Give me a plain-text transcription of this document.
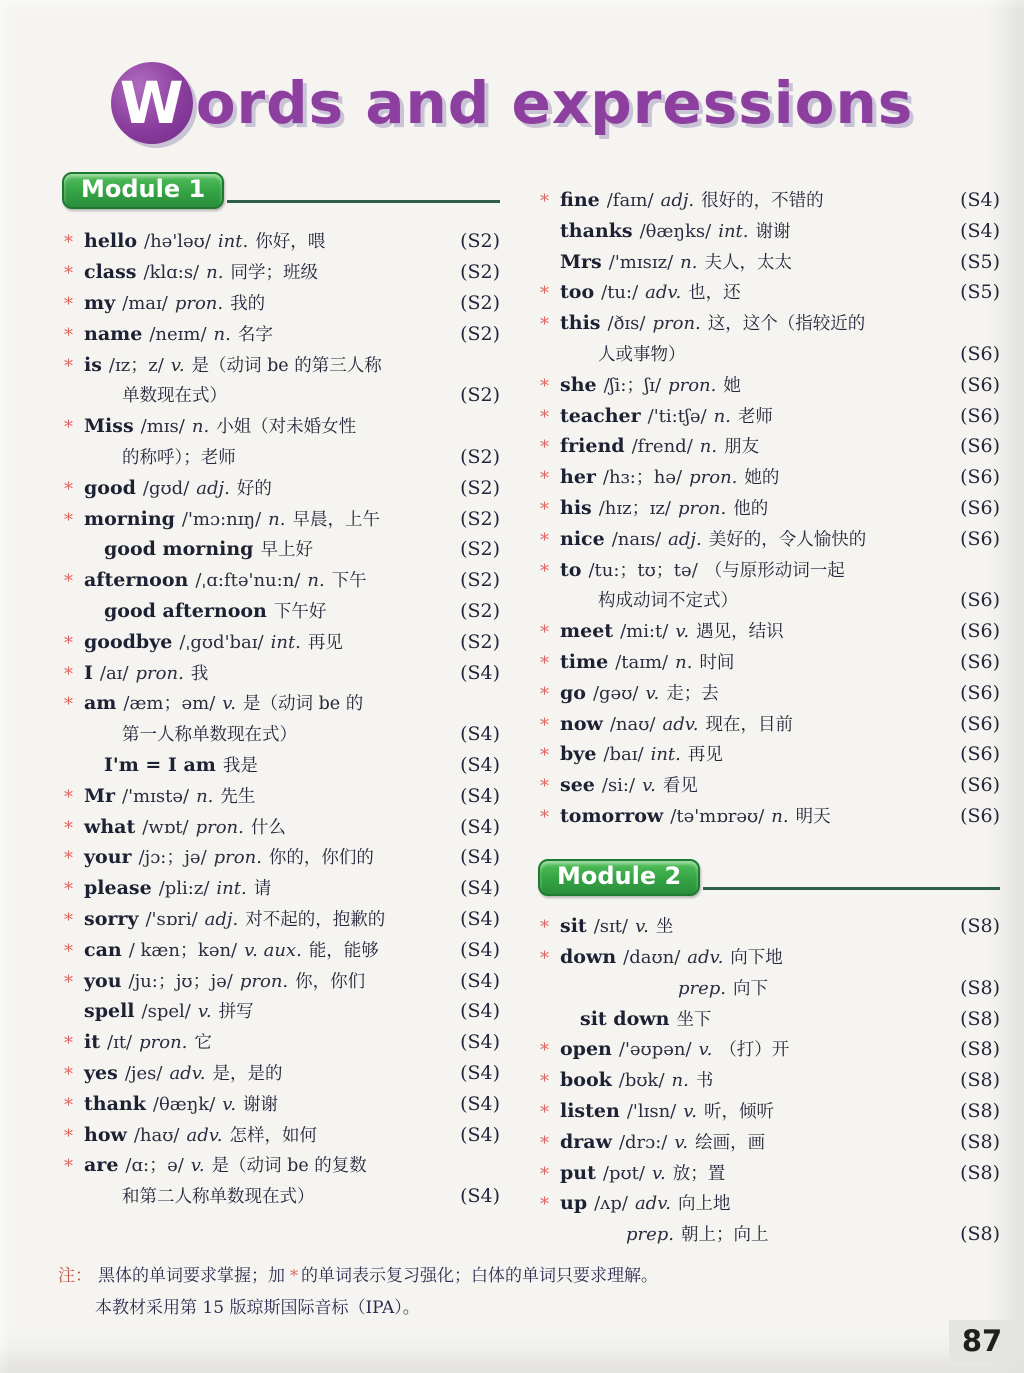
W ords and expressions
Module 1
* hello /hə'ləʊ/ int. 你好，喂	(S2)
* class /klɑ:s/ n. 同学；班级	(S2)
* my /maɪ/ pron. 我的	(S2)
* name /neɪm/ n. 名字	(S2)
* is /ɪz；z/ v. 是（动词 be 的第三人称
单数现在式）	(S2)
* Miss /mɪs/ n. 小姐（对未婚女性
的称呼）；老师	(S2)
* good /gʊd/ adj. 好的	(S2)
* morning /'mɔ:nɪŋ/ n. 早晨，上午	(S2)
good morning 早上好	(S2)
* afternoon /ˌɑ:ftə'nu:n/ n. 下午	(S2)
good afternoon 下午好	(S2)
* goodbye /ˌgʊd'baɪ/ int. 再见	(S2)
* I /aɪ/ pron. 我	(S4)
* am /æm；əm/ v. 是（动词 be 的
第一人称单数现在式）	(S4)
I'm = I am 我是	(S4)
* Mr /'mɪstə/ n. 先生	(S4)
* what /wɒt/ pron. 什么	(S4)
* your /jɔ:；jə/ pron. 你的，你们的	(S4)
* please /pli:z/ int. 请	(S4)
* sorry /'sɒri/ adj. 对不起的，抱歉的	(S4)
* can / kæn；kən/ v. aux. 能，能够	(S4)
* you /ju:；jʊ；jə/ pron. 你，你们	(S4)
spell /spel/ v. 拼写	(S4)
* it /ɪt/ pron. 它	(S4)
* yes /jes/ adv. 是，是的	(S4)
* thank /θæŋk/ v. 谢谢	(S4)
* how /haʊ/ adv. 怎样，如何	(S4)
* are /ɑ:；ə/ v. 是（动词 be 的复数
和第二人称单数现在式）	(S4)
* fine /faɪn/ adj. 很好的，不错的	(S4)
thanks /θæŋks/ int. 谢谢	(S4)
Mrs /'mɪsɪz/ n. 夫人，太太	(S5)
* too /tu:/ adv. 也，还	(S5)
* this /ðɪs/ pron. 这，这个（指较近的
人或事物）	(S6)
* she /ʃi:；ʃɪ/ pron. 她	(S6)
* teacher /'ti:tʃə/ n. 老师	(S6)
* friend /frend/ n. 朋友	(S6)
* her /hɜ:；hə/ pron. 她的	(S6)
* his /hɪz；ɪz/ pron. 他的	(S6)
* nice /naɪs/ adj. 美好的，令人愉快的	(S6)
* to /tu:；tʊ；tə/ （与原形动词一起
构成动词不定式）	(S6)
* meet /mi:t/ v. 遇见，结识	(S6)
* time /taɪm/ n. 时间	(S6)
* go /gəʊ/ v. 走；去	(S6)
* now /naʊ/ adv. 现在，目前	(S6)
* bye /baɪ/ int. 再见	(S6)
* see /si:/ v. 看见	(S6)
* tomorrow /tə'mɒrəʊ/ n. 明天	(S6)
Module 2
* sit /sɪt/ v. 坐	(S8)
* down /daʊn/ adv. 向下地
prep. 向下	(S8)
sit down 坐下	(S8)
* open /'əʊpən/ v. （打）开	(S8)
* book /bʊk/ n. 书	(S8)
* listen /'lɪsn/ v. 听，倾听	(S8)
* draw /drɔ:/ v. 绘画，画	(S8)
* put /pʊt/ v. 放；置	(S8)
* up /ʌp/ adv. 向上地
prep. 朝上；向上	(S8)
注： 黑体的单词要求掌握；加 * 的单词表示复习强化；白体的单词只要求理解。
本教材采用第 15 版琼斯国际音标（IPA）。
87
